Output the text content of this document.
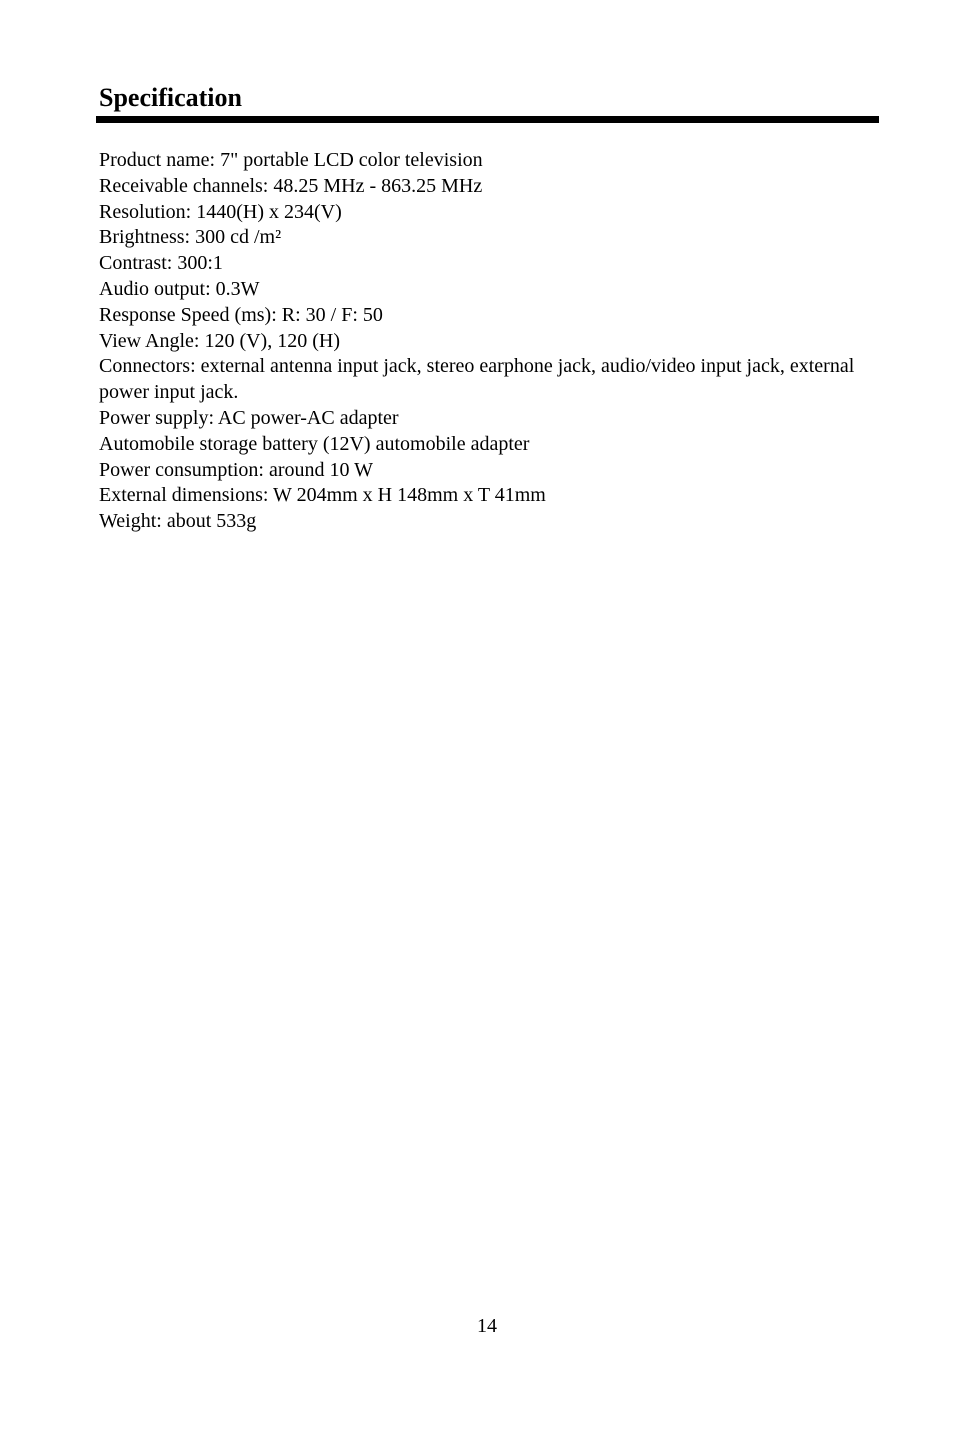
Specification
Product name: 7" portable LCD color television
Receivable channels: 48.25 MHz - 863.25 MHz
Resolution: 1440(H) x 234(V)
Brightness: 300 cd /m²
Contrast: 300:1
Audio output: 0.3W
Response Speed (ms): R: 30 / F: 50
View Angle: 120 (V), 120 (H)
Connectors: external antenna input jack, stereo earphone jack, audio/video input jack, external power input jack.
Power supply: AC power-AC adapter
Automobile storage battery (12V) automobile adapter
Power consumption: around 10 W
External dimensions: W 204mm x H 148mm x T 41mm
Weight: about 533g
14
